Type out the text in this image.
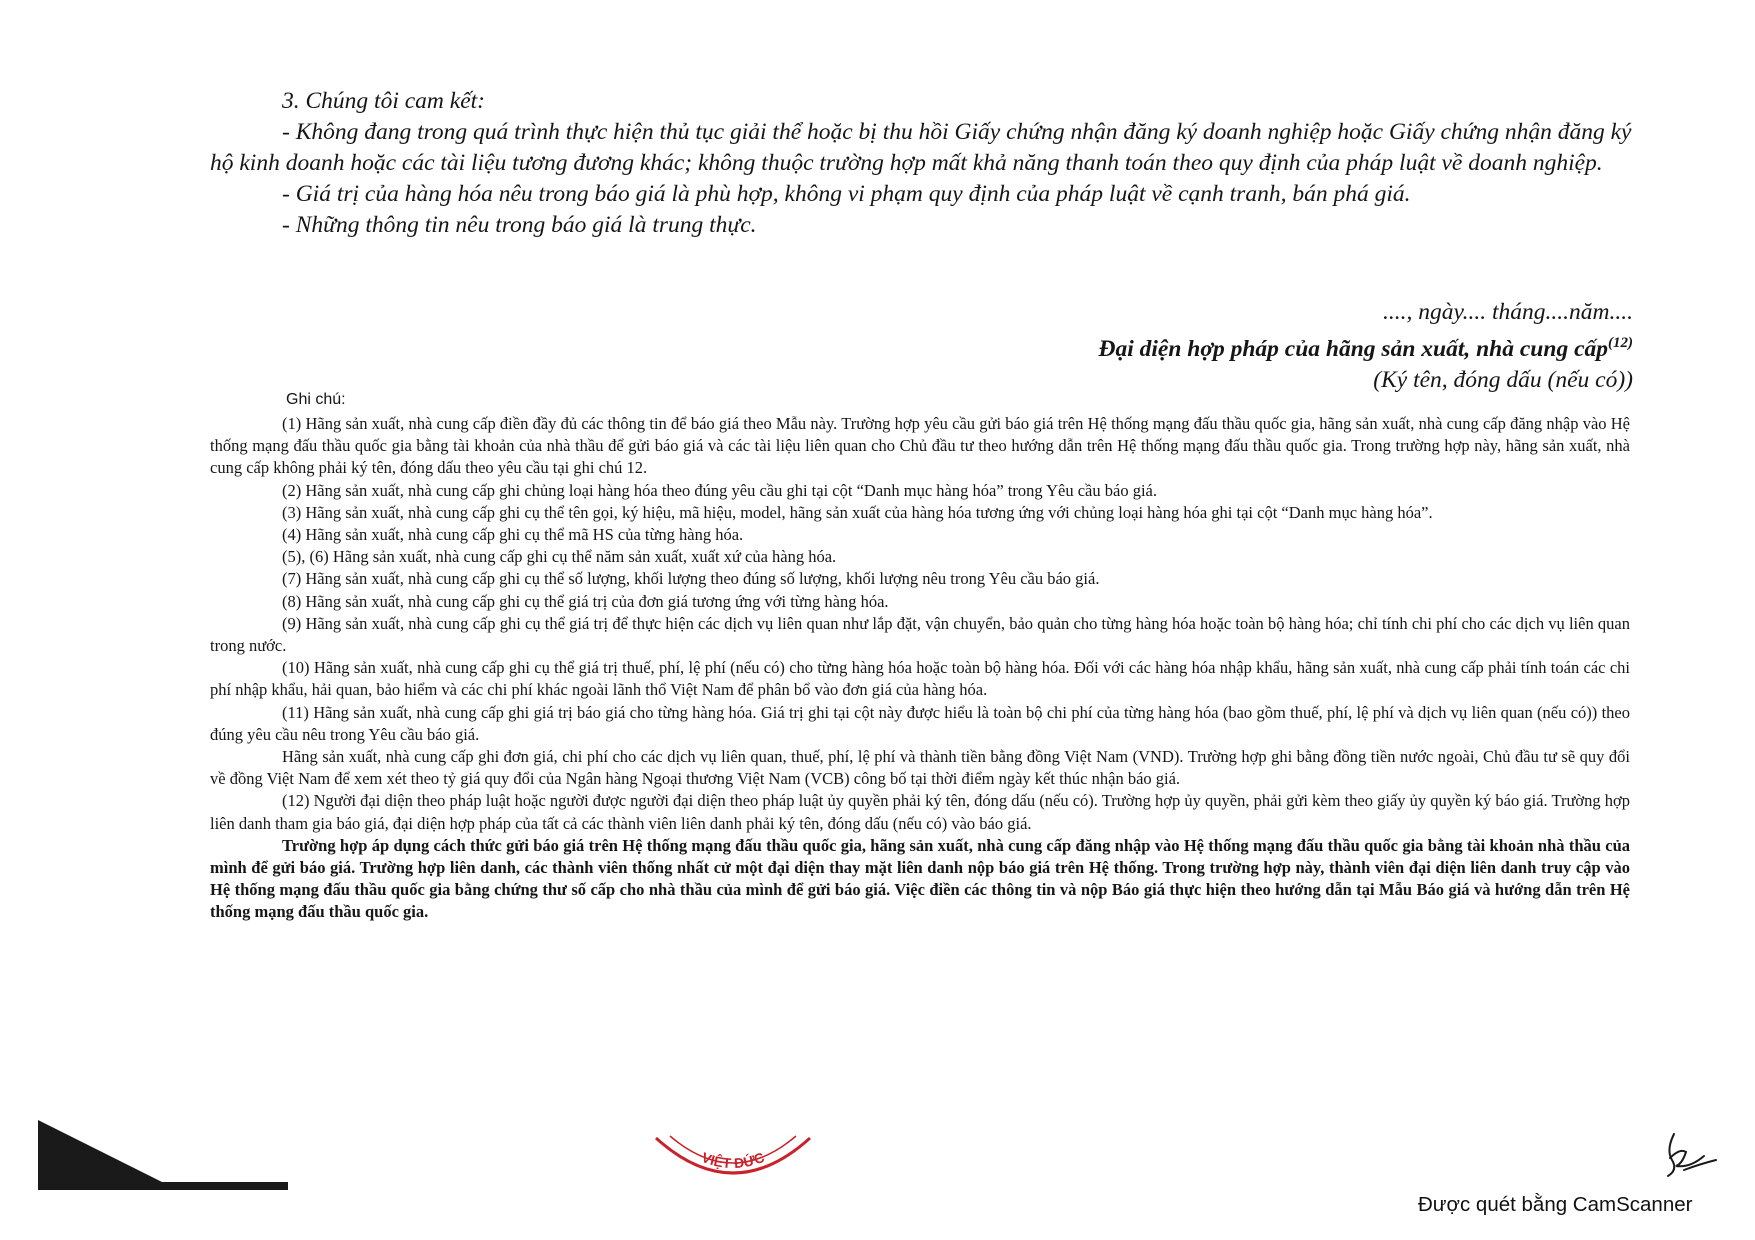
3. Chúng tôi cam kết:

- Không đang trong quá trình thực hiện thủ tục giải thể hoặc bị thu hồi Giấy chứng nhận đăng ký doanh nghiệp hoặc Giấy chứng nhận đăng ký hộ kinh doanh hoặc các tài liệu tương đương khác; không thuộc trường hợp mất khả năng thanh toán theo quy định của pháp luật về doanh nghiệp.

- Giá trị của hàng hóa nêu trong báo giá là phù hợp, không vi phạm quy định của pháp luật về cạnh tranh, bán phá giá.

- Những thông tin nêu trong báo giá là trung thực.

...., ngày.... tháng....năm....

Đại diện hợp pháp của hãng sản xuất, nhà cung cấp$^{(12)}$

(Ký tên, đóng dấu (nếu có))

Ghi chú:

(1) Hãng sản xuất, nhà cung cấp điền đầy đủ các thông tin để báo giá theo Mẫu này. Trường hợp yêu cầu gửi báo giá trên Hệ thống mạng đấu thầu quốc gia, hãng sản xuất, nhà cung cấp đăng nhập vào Hệ thống mạng đấu thầu quốc gia bằng tài khoản của nhà thầu để gửi báo giá và các tài liệu liên quan cho Chủ đầu tư theo hướng dẫn trên Hệ thống mạng đấu thầu quốc gia. Trong trường hợp này, hãng sản xuất, nhà cung cấp không phải ký tên, đóng dấu theo yêu cầu tại ghi chú 12.

(2) Hãng sản xuất, nhà cung cấp ghi chủng loại hàng hóa theo đúng yêu cầu ghi tại cột “Danh mục hàng hóa” trong Yêu cầu báo giá.

(3) Hãng sản xuất, nhà cung cấp ghi cụ thể tên gọi, ký hiệu, mã hiệu, model, hãng sản xuất của hàng hóa tương ứng với chủng loại hàng hóa ghi tại cột “Danh mục hàng hóa”.

(4) Hãng sản xuất, nhà cung cấp ghi cụ thể mã HS của từng hàng hóa.

(5), (6) Hãng sản xuất, nhà cung cấp ghi cụ thể năm sản xuất, xuất xứ của hàng hóa.

(7) Hãng sản xuất, nhà cung cấp ghi cụ thể số lượng, khối lượng theo đúng số lượng, khối lượng nêu trong Yêu cầu báo giá.

(8) Hãng sản xuất, nhà cung cấp ghi cụ thể giá trị của đơn giá tương ứng với từng hàng hóa.

(9) Hãng sản xuất, nhà cung cấp ghi cụ thể giá trị để thực hiện các dịch vụ liên quan như lắp đặt, vận chuyển, bảo quản cho từng hàng hóa hoặc toàn bộ hàng hóa; chỉ tính chi phí cho các dịch vụ liên quan trong nước.

(10) Hãng sản xuất, nhà cung cấp ghi cụ thể giá trị thuế, phí, lệ phí (nếu có) cho từng hàng hóa hoặc toàn bộ hàng hóa. Đối với các hàng hóa nhập khẩu, hãng sản xuất, nhà cung cấp phải tính toán các chi phí nhập khẩu, hải quan, bảo hiểm và các chi phí khác ngoài lãnh thổ Việt Nam để phân bổ vào đơn giá của hàng hóa.

(11) Hãng sản xuất, nhà cung cấp ghi giá trị báo giá cho từng hàng hóa. Giá trị ghi tại cột này được hiểu là toàn bộ chi phí của từng hàng hóa (bao gồm thuế, phí, lệ phí và dịch vụ liên quan (nếu có)) theo đúng yêu cầu nêu trong Yêu cầu báo giá.

Hãng sản xuất, nhà cung cấp ghi đơn giá, chi phí cho các dịch vụ liên quan, thuế, phí, lệ phí và thành tiền bằng đồng Việt Nam (VND). Trường hợp ghi bằng đồng tiền nước ngoài, Chủ đầu tư sẽ quy đổi về đồng Việt Nam để xem xét theo tỷ giá quy đổi của Ngân hàng Ngoại thương Việt Nam (VCB) công bố tại thời điểm ngày kết thúc nhận báo giá.

(12) Người đại diện theo pháp luật hoặc người được người đại diện theo pháp luật ủy quyền phải ký tên, đóng dấu (nếu có). Trường hợp ủy quyền, phải gửi kèm theo giấy ủy quyền ký báo giá. Trường hợp liên danh tham gia báo giá, đại diện hợp pháp của tất cả các thành viên liên danh phải ký tên, đóng dấu (nếu có) vào báo giá.

Trường hợp áp dụng cách thức gửi báo giá trên Hệ thống mạng đấu thầu quốc gia, hãng sản xuất, nhà cung cấp đăng nhập vào Hệ thống mạng đấu thầu quốc gia bằng tài khoản nhà thầu của mình để gửi báo giá. Trường hợp liên danh, các thành viên thống nhất cử một đại diện thay mặt liên danh nộp báo giá trên Hệ thống. Trong trường hợp này, thành viên đại diện liên danh truy cập vào Hệ thống mạng đấu thầu quốc gia bằng chứng thư số cấp cho nhà thầu của mình để gửi báo giá. Việc điền các thông tin và nộp Báo giá thực hiện theo hướng dẫn tại Mẫu Báo giá và hướng dẫn trên Hệ thống mạng đấu thầu quốc gia.

VIỆT ĐỨC
Được quét bằng CamScanner
